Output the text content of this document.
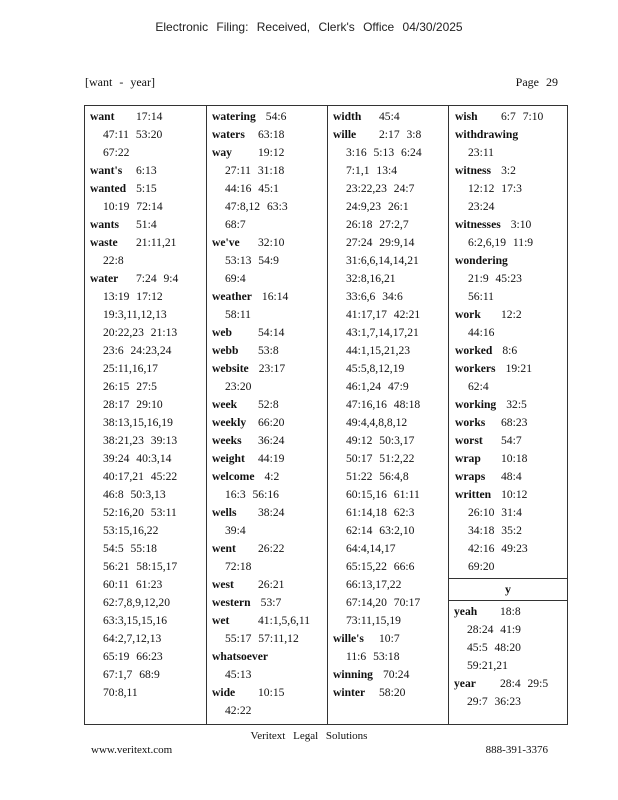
Electronic Filing: Received, Clerk's Office 04/30/2025
[want - year]	Page 29
want 17:14
47:11 53:20
67:22
want's 6:13
wanted 5:15
10:19 72:14
wants 51:4
waste 21:11,21
22:8
water 7:24 9:4
13:19 17:12
19:3,11,12,13
20:22,23 21:13
23:6 24:23,24
25:11,16,17
26:15 27:5
28:17 29:10
38:13,15,16,19
38:21,23 39:13
39:24 40:3,14
40:17,21 45:22
46:8 50:3,13
52:16,20 53:11
53:15,16,22
54:5 55:18
56:21 58:15,17
60:11 61:23
62:7,8,9,12,20
63:3,15,15,16
64:2,7,12,13
65:19 66:23
67:1,7 68:9
70:8,11
watering 54:6
waters 63:18
way 19:12
27:11 31:18
44:16 45:1
47:8,12 63:3
68:7
we've 32:10
53:13 54:9
69:4
weather 16:14
58:11
web 54:14
webb 53:8
website 23:17
23:20
week 52:8
weekly 66:20
weeks 36:24
weight 44:19
welcome 4:2
16:3 56:16
wells 38:24
39:4
went 26:22
72:18
west 26:21
western 53:7
wet 41:1,5,6,11
55:17 57:11,12
whatsoever
45:13
wide 10:15
42:22
width 45:4
wille 2:17 3:8
3:16 5:13 6:24
7:1,1 13:4
23:22,23 24:7
24:9,23 26:1
26:18 27:2,7
27:24 29:9,14
31:6,6,14,14,21
32:8,16,21
33:6,6 34:6
41:17,17 42:21
43:1,7,14,17,21
44:1,15,21,23
45:5,8,12,19
46:1,24 47:9
47:16,16 48:18
49:4,4,8,8,12
49:12 50:3,17
50:17 51:2,22
51:22 56:4,8
60:15,16 61:11
61:14,18 62:3
62:14 63:2,10
64:4,14,17
65:15,22 66:6
66:13,17,22
67:14,20 70:17
73:11,15,19
wille's 10:7
11:6 53:18
winning 70:24
winter 58:20
wish 6:7 7:10
withdrawing
23:11
witness 3:2
12:12 17:3
23:24
witnesses 3:10
6:2,6,19 11:9
wondering
21:9 45:23
56:11
work 12:2
44:16
worked 8:6
workers 19:21
62:4
working 32:5
works 68:23
worst 54:7
wrap 10:18
wraps 48:4
written 10:12
26:10 31:4
34:18 35:2
42:16 49:23
69:20
y
yeah 18:8
28:24 41:9
45:5 48:20
59:21,21
year 28:4 29:5
29:7 36:23
Veritext Legal Solutions
www.veritext.com	888-391-3376
